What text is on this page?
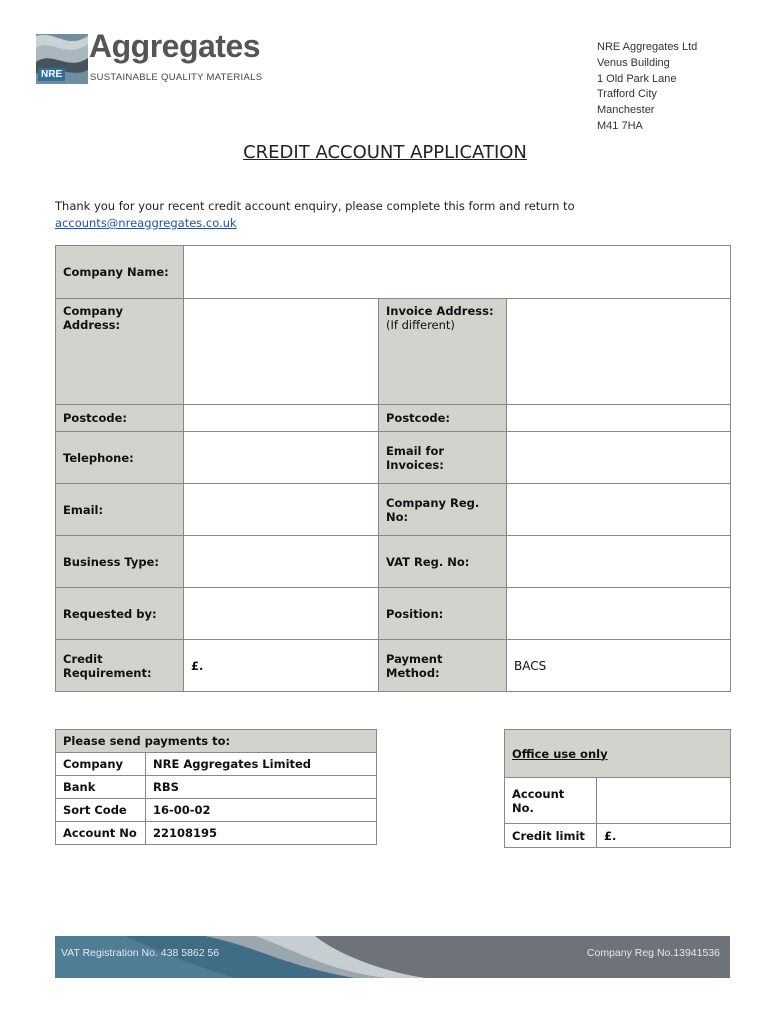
NRE
Aggregates
SUSTAINABLE QUALITY MATERIALS
NRE Aggregates Ltd
Venus Building
1 Old Park Lane
Trafford City
Manchester
M41 7HA
CREDIT ACCOUNT APPLICATION
Thank you for your recent credit account enquiry, please complete this form and return to
accounts@nreaggregates.co.uk
Company Name:			
Company Address:		Invoice Address:
(If different)	

Postcode:		Postcode:	
Telephone:		Email for Invoices:	
Email:		Company Reg. No:	
Business Type:		VAT Reg. No:	
Requested by:		Position:	

Credit
Requirement:	£.	Payment Method:	BACS
Please send payments to:	
Company	NRE Aggregates Limited
Bank	RBS
Sort Code	16-00-02
Account No	22108195
Office use only	
Account No.	
Credit limit	£.
VAT Registration No. 438 5862 56	Company Reg No.13941536
